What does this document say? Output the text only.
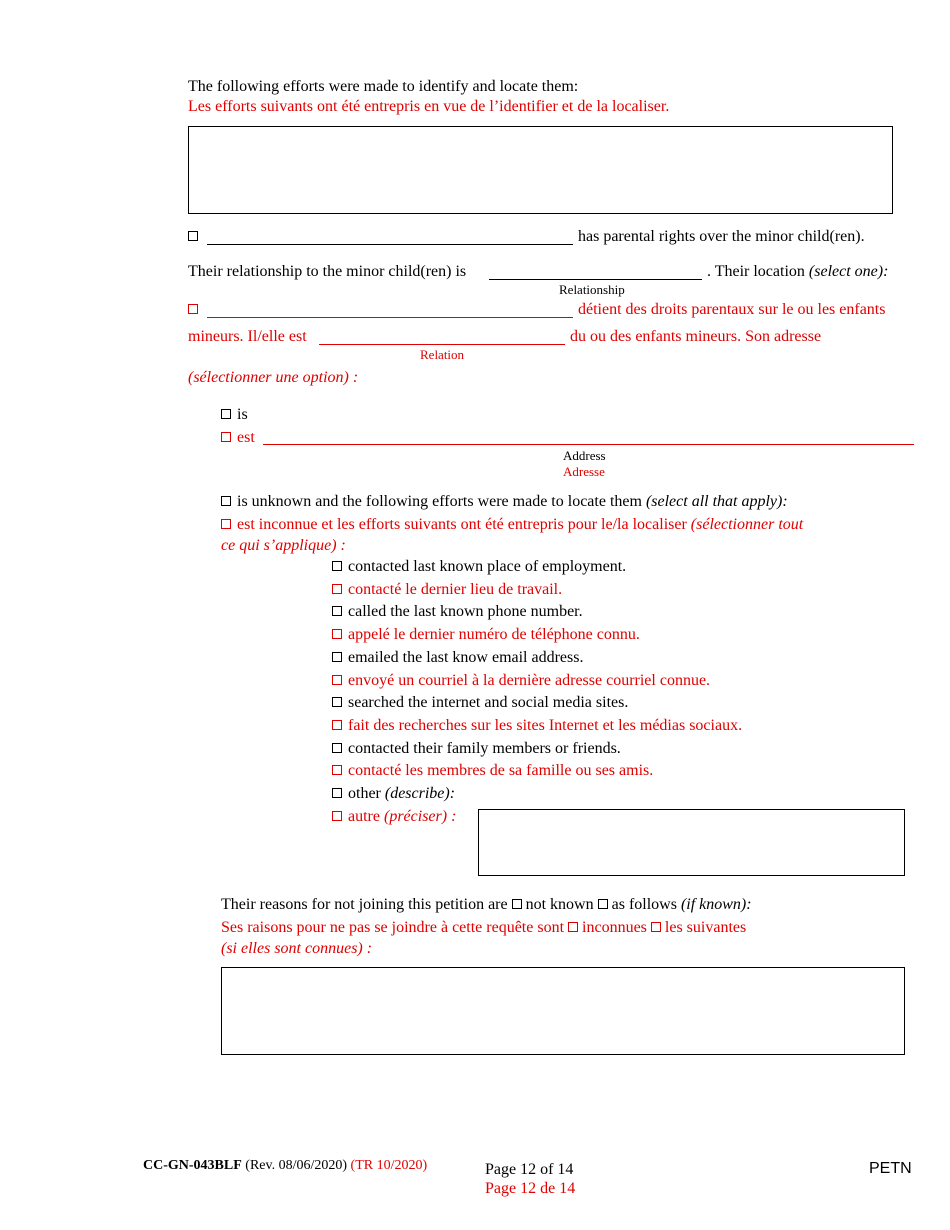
The following efforts were made to identify and locate them:
Les efforts suivants ont été entrepris en vue de l’identifier et de la localiser.
has parental rights over the minor child(ren).
Their relationship to the minor child(ren) is	. Their location (select one):
Relationship
détient des droits parentaux sur le ou les enfants
mineurs. Il/elle est	du ou des enfants mineurs. Son adresse
Relation
(sélectionner une option) :
is
est
Address
Adresse
is unknown and the following efforts were made to locate them (select all that apply):
est inconnue et les efforts suivants ont été entrepris pour le/la localiser (sélectionner tout
ce qui s’applique) :
contacted last known place of employment.
contacté le dernier lieu de travail.
called the last known phone number.
appelé le dernier numéro de téléphone connu.
emailed the last know email address.
envoyé un courriel à la dernière adresse courriel connue.
searched the internet and social media sites.
fait des recherches sur les sites Internet et les médias sociaux.
contacted their family members or friends.
contacté les membres de sa famille ou ses amis.
other (describe):
autre (préciser) :
Their reasons for not joining this petition are not known as follows (if known):
Ses raisons pour ne pas se joindre à cette requête sont inconnues les suivantes
(si elles sont connues) :
CC-GN-043BLF (Rev. 08/06/2020) (TR 10/2020)	Page 12 of 14
Page 12 de 14
PETN
